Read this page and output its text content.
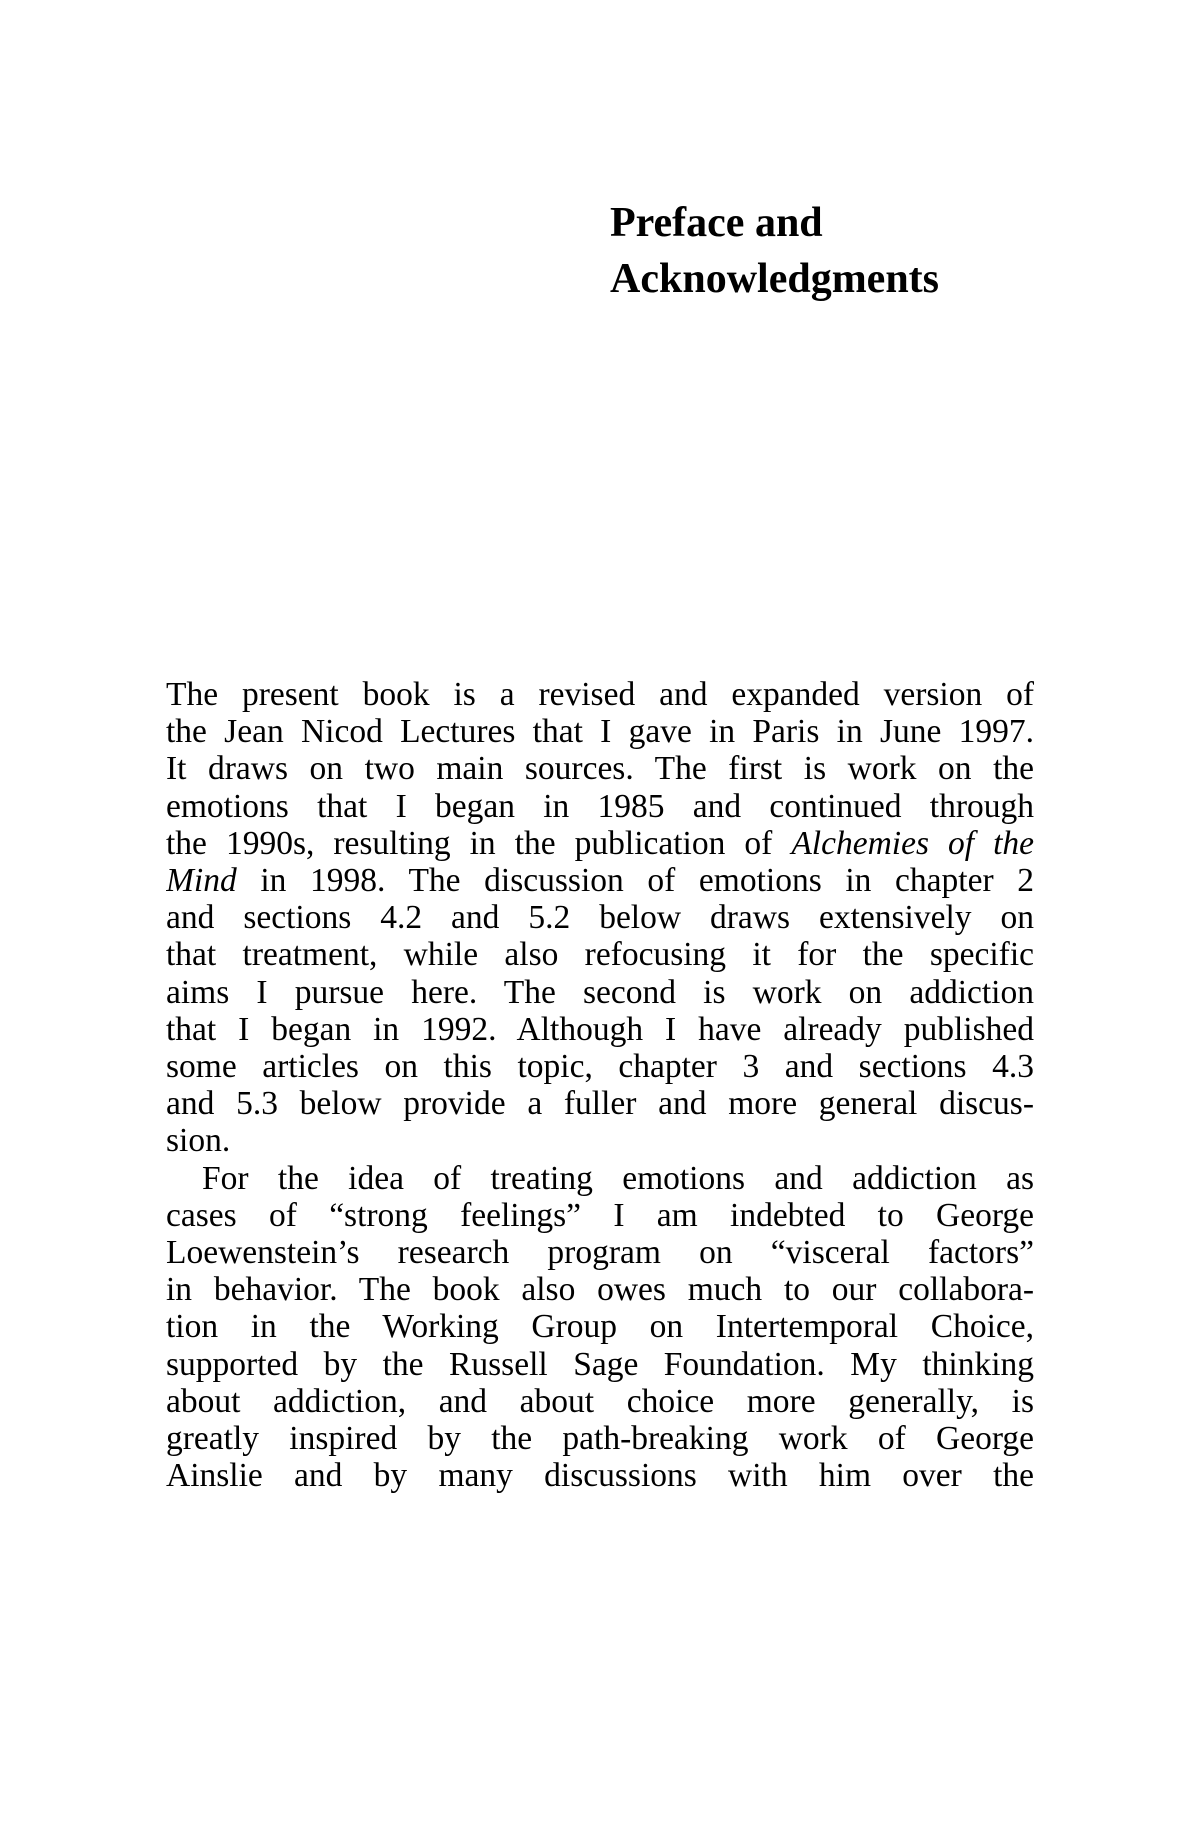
Preface and
Acknowledgments
The present book is a revised and expanded version of
the Jean Nicod Lectures that I gave in Paris in June 1997.
It draws on two main sources. The first is work on the
emotions that I began in 1985 and continued through
the 1990s, resulting in the publication of Alchemies of the
Mind in 1998. The discussion of emotions in chapter 2
and sections 4.2 and 5.2 below draws extensively on
that treatment, while also refocusing it for the specific
aims I pursue here. The second is work on addiction
that I began in 1992. Although I have already published
some articles on this topic, chapter 3 and sections 4.3
and 5.3 below provide a fuller and more general discus-
sion.
For the idea of treating emotions and addiction as
cases of “strong feelings” I am indebted to George
Loewenstein’s research program on “visceral factors”
in behavior. The book also owes much to our collabora-
tion in the Working Group on Intertemporal Choice,
supported by the Russell Sage Foundation. My thinking
about addiction, and about choice more generally, is
greatly inspired by the path-breaking work of George
Ainslie and by many discussions with him over the
